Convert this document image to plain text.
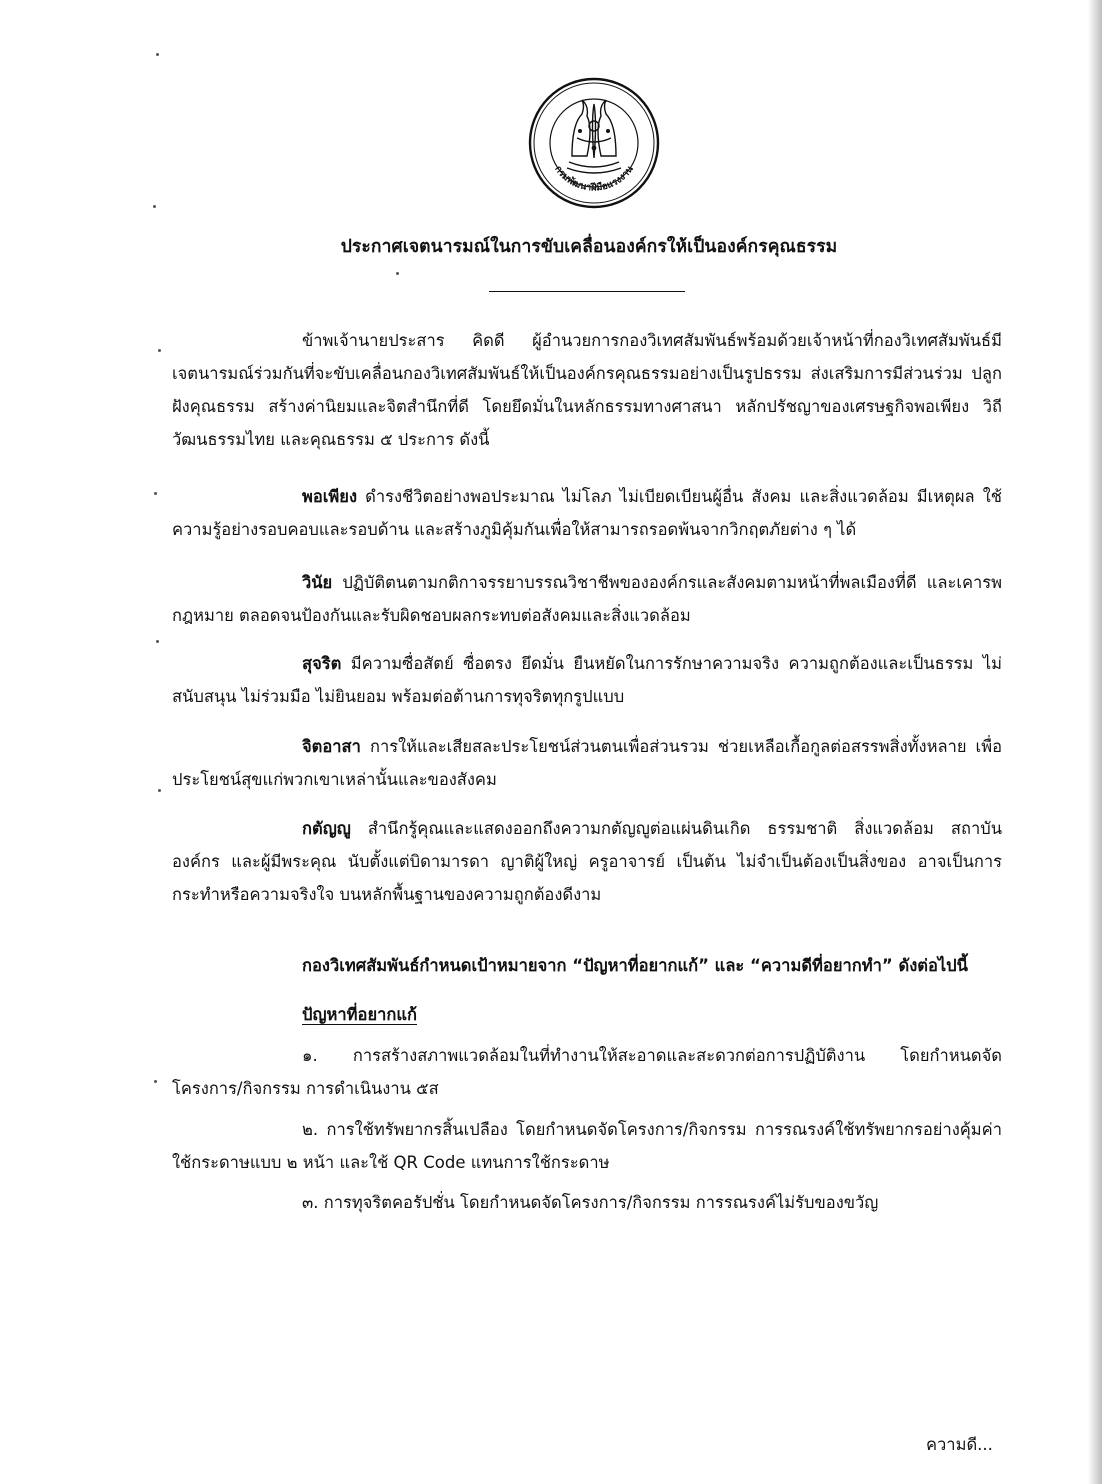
กรมพัฒนาฝีมือแรงงาน
ประกาศเจตนารมณ์ในการขับเคลื่อนองค์กรให้เป็นองค์กรคุณธรรม

ข้าพเจ้านายประสาร คิดดี ผู้อำนวยการกองวิเทศสัมพันธ์พร้อมด้วยเจ้าหน้าที่กองวิเทศสัมพันธ์มีเจตนารมณ์ร่วมกันที่จะขับเคลื่อนกองวิเทศสัมพันธ์ให้เป็นองค์กรคุณธรรมอย่างเป็นรูปธรรม ส่งเสริมการมีส่วนร่วม ปลูกฝังคุณธรรม สร้างค่านิยมและจิตสำนึกที่ดี โดยยึดมั่นในหลักธรรมทางศาสนา หลักปรัชญาของเศรษฐกิจพอเพียง วิถีวัฒนธรรมไทย และคุณธรรม ๕ ประการ ดังนี้

พอเพียง ดำรงชีวิตอย่างพอประมาณ ไม่โลภ ไม่เบียดเบียนผู้อื่น สังคม และสิ่งแวดล้อม มีเหตุผล ใช้ความรู้อย่างรอบคอบและรอบด้าน และสร้างภูมิคุ้มกันเพื่อให้สามารถรอดพ้นจากวิกฤตภัยต่าง ๆ ได้

วินัย ปฏิบัติตนตามกติกาจรรยาบรรณวิชาชีพขององค์กรและสังคมตามหน้าที่พลเมืองที่ดี และเคารพกฎหมาย ตลอดจนป้องกันและรับผิดชอบผลกระทบต่อสังคมและสิ่งแวดล้อม

สุจริต มีความซื่อสัตย์ ซื่อตรง ยึดมั่น ยืนหยัดในการรักษาความจริง ความถูกต้องและเป็นธรรม ไม่สนับสนุน ไม่ร่วมมือ ไม่ยินยอม พร้อมต่อต้านการทุจริตทุกรูปแบบ

จิตอาสา การให้และเสียสละประโยชน์ส่วนตนเพื่อส่วนรวม ช่วยเหลือเกื้อกูลต่อสรรพสิ่งทั้งหลาย เพื่อประโยชน์สุขแก่พวกเขาเหล่านั้นและของสังคม

กตัญญู สำนึกรู้คุณและแสดงออกถึงความกตัญญูต่อแผ่นดินเกิด ธรรมชาติ สิ่งแวดล้อม สถาบันองค์กร และผู้มีพระคุณ นับตั้งแต่บิดามารดา ญาติผู้ใหญ่ ครูอาจารย์ เป็นต้น ไม่จำเป็นต้องเป็นสิ่งของ อาจเป็นการกระทำหรือความจริงใจ บนหลักพื้นฐานของความถูกต้องดีงาม

กองวิเทศสัมพันธ์กำหนดเป้าหมายจาก “ปัญหาที่อยากแก้” และ “ความดีที่อยากทำ” ดังต่อไปนี้

ปัญหาที่อยากแก้

๑. การสร้างสภาพแวดล้อมในที่ทำงานให้สะอาดและสะดวกต่อการปฏิบัติงาน โดยกำหนดจัดโครงการ/กิจกรรม การดำเนินงาน ๕ส

๒. การใช้ทรัพยากรสิ้นเปลือง โดยกำหนดจัดโครงการ/กิจกรรม การรณรงค์ใช้ทรัพยากรอย่างคุ้มค่า ใช้กระดาษแบบ ๒ หน้า และใช้ QR Code แทนการใช้กระดาษ

๓. การทุจริตคอรัปชั่น โดยกำหนดจัดโครงการ/กิจกรรม การรณรงค์ไม่รับของขวัญ

ความดี...
